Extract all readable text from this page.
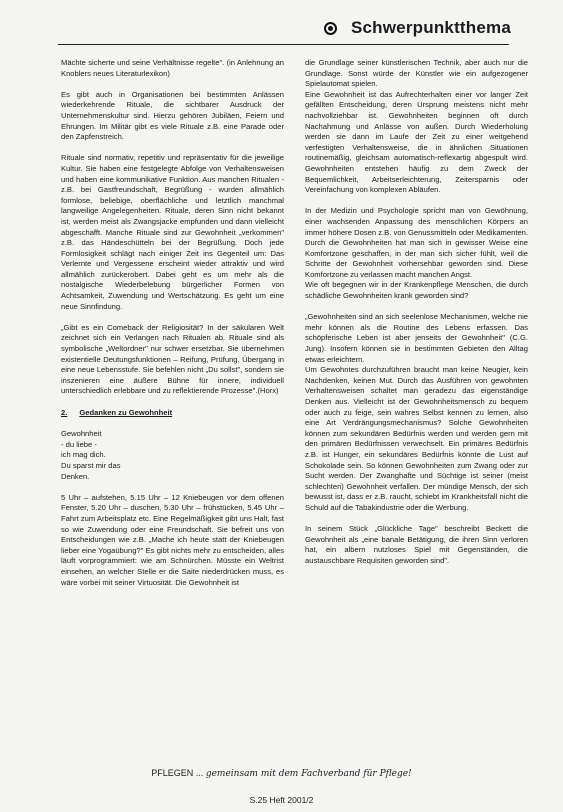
Schwerpunktthema

Mächte sicherte und seine Verhältnisse regelte". (in Anlehnung an Knoblers neues Literaturlexikon)

Es gibt auch in Organisationen bei bestimmten Anlässen wiederkehrende Rituale, die sichtbarer Ausdruck der Unternehmenskultur sind. Hierzu gehören Jubiläen, Feiern und Ehrungen. Im Militär gibt es viele Rituale z.B. eine Parade oder den Zapfenstreich.

Rituale sind normativ, repetitiv und repräsentativ für die jeweilige Kultur. Sie haben eine festgelegte Abfolge von Verhaltensweisen und haben eine kommunikative Funktion. Aus manchen Ritualen - z.B. bei Gastfreundschaft, Begrüßung - wurden allmählich formlose, beliebige, oberflächliche und letztlich manchmal langweilige Angelegenheiten. Rituale, deren Sinn nicht bekannt ist, werden meist als Zwangsjacke empfunden und dann vielleicht abgeschafft. Manche Rituale sind zur Gewohnheit „verkommen" z.B. das Händeschütteln bei der Begrüßung. Doch jede Formlosigkeit schlägt nach einiger Zeit ins Gegenteil um: Das Verlernte und Vergessene erscheint wieder attraktiv und wird allmählich zurückerobert. Dabei geht es um mehr als die nostalgische Wiederbelebung bürgerlicher Formen von Achtsamkeit, Zuwendung und Wertschätzung. Es geht um eine neue Sinnfindung.

„Gibt es ein Comeback der Religiosität? In der säkularen Welt zeichnet sich ein Verlangen nach Ritualen ab. Rituale sind als symbolische „Weltordner" nur schwer ersetzbar. Sie übernehmen existentielle Deutungsfunktionen – Reifung, Prüfung, Übergang in eine neue Lebensstufe. Sie befehlen nicht „Du sollst", sondern sie inszenieren eine äußere Bühne für innere, individuell unterschiedlich erlebbare und zu reflektierende Prozesse".(Horx)

2. Gedanken zu Gewohnheit
Gewohnheit
- du liebe -
ich mag dich.
Du sparst mir das
Denken.

5 Uhr – aufstehen, 5.15 Uhr – 12 Kniebeugen vor dem offenen Fenster, 5.20 Uhr – duschen, 5.30 Uhr – frühstücken, 5.45 Uhr – Fahrt zum Arbeitsplatz etc. Eine Regelmäßigkeit gibt uns Halt, fast so wie Zuwendung oder eine Freundschaft. Sie befreit uns von Entscheidungen wie z.B. „Mache ich heute statt der Kniebeugen lieber eine Yogaübung?" Es gibt nichts mehr zu entscheiden, alles läuft vorprogrammiert: wie am Schnürchen. Müsste ein Weltrist einsehen, an welcher Stelle er die Saite niederdrücken muss, es wäre vorbei mit seiner Virtuosität. Die Gewohnheit ist

die Grundlage seiner künstlerischen Technik, aber auch nur die Grundlage. Sonst würde der Künstler wie ein aufgezogener Spielautomat spielen.

Eine Gewohnheit ist das Aufrechterhalten einer vor langer Zeit gefällten Entscheidung, deren Ursprung meistens nicht mehr nachvollziehbar ist. Gewohnheiten beginnen oft durch Nachahmung und Anlässe von außen. Durch Wiederholung werden sie dann im Laufe der Zeit zu einer weitgehend verfestigten Verhaltensweise, die in ähnlichen Situationen routinemäßig, gleichsam automatisch-reflexartig abgespult wird. Gewohnheiten entstehen häufig zu dem Zweck der Bequemlichkeit, Arbeitserleichterung, Zeitersparnis oder Vereinfachung von komplexen Abläufen.

In der Medizin und Psychologie spricht man von Gewöhnung, einer wachsenden Anpassung des menschlichen Körpers an immer höhere Dosen z.B. von Genussmitteln oder Medikamenten. Durch die Gewohnheiten hat man sich in gewisser Weise eine Komfortzone geschaffen, in der man sich sicher fühlt, weil die Schritte der Gewohnheit vorhersehbar geworden sind. Diese Komfortzone zu verlassen macht manchen Angst.

Wie oft begegnen wir in der Krankenpflege Menschen, die durch schädliche Gewohnheiten krank geworden sind?

„Gewohnheiten sind an sich seelenlose Mechanismen, welche nie mehr können als die Routine des Lebens erfassen. Das schöpferische Leben ist aber jenseits der Gewohnheit" (C.G. Jung). Insofern können sie in bestimmten Gebieten den Alltag etwas erleichtern.

Um Gewohntes durchzuführen braucht man keine Neugier, kein Nachdenken, keinen Mut. Durch das Ausführen von gewohnten Verhaltensweisen schaltet man geradezu das eigenständige Denken aus. Vielleicht ist der Gewohnheitsmensch zu bequem oder auch zu feige, sein wahres Selbst kennen zu lernen, also eine Art Verdrängungsmechanismus? Solche Gewohnheiten können zum sekundären Bedürfnis werden und werden gern mit den primären Bedürfnissen verwechselt. Ein primäres Bedürfnis z.B. ist Hunger, ein sekundäres Bedürfnis könnte die Lust auf Schokolade sein. So können Gewohnheiten zum Zwang oder zur Sucht werden. Der Zwanghafte und Süchtige ist seiner (meist schlechten) Gewohnheit verfallen. Der mündige Mensch, der sich bewusst ist, dass er z.B. raucht, schiebt im Krankheitsfall nicht die Schuld auf die Tabakindustrie oder die Werbung.

In seinem Stück „Glückliche Tage" beschreibt Beckett die Gewohnheit als „eine banale Betätigung, die ihren Sinn verloren hat, ein albern nutzloses Spiel mit Gegenständen, die austauschbare Requisiten geworden sind".

PFLEGEN ... gemeinsam mit dem Fachverband für Pflege!
S.25 Heft 2001/2
